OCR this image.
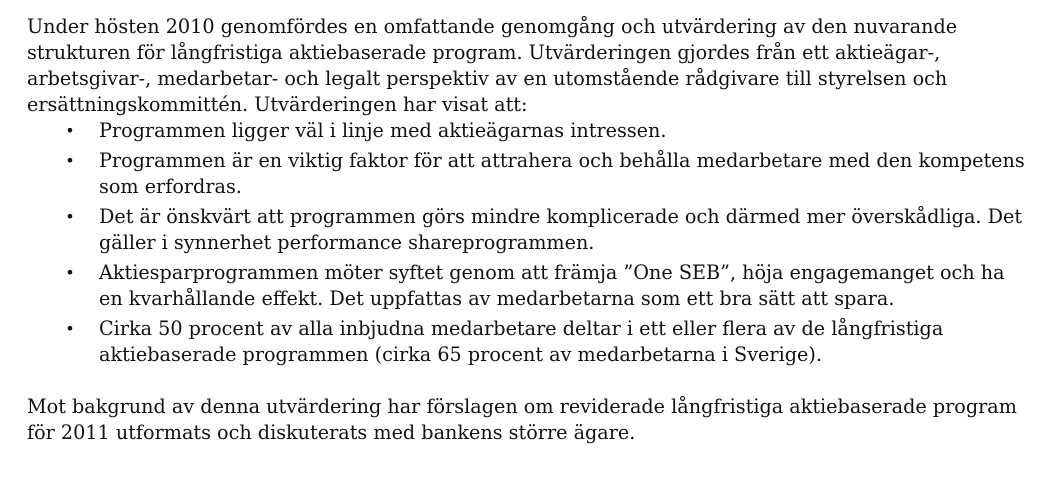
Under hösten 2010 genomfördes en omfattande genomgång och utvärdering av den nuvarande strukturen för långfristiga aktiebaserade program. Utvärderingen gjordes från ett aktieägar-, arbetsgivar-, medarbetar- och legalt perspektiv av en utomstående rådgivare till styrelsen och ersättningskommittén. Utvärderingen har visat att:

• Programmen ligger väl i linje med aktieägarnas intressen.
• Programmen är en viktig faktor för att attrahera och behålla medarbetare med den kompetens som erfordras.
• Det är önskvärt att programmen görs mindre komplicerade och därmed mer överskådliga. Det gäller i synnerhet performance shareprogrammen.
• Aktiesparprogrammen möter syftet genom att främja ”One SEB”, höja engagemanget och ha en kvarhållande effekt. Det uppfattas av medarbetarna som ett bra sätt att spara.
• Cirka 50 procent av alla inbjudna medarbetare deltar i ett eller flera av de långfristiga aktiebaserade programmen (cirka 65 procent av medarbetarna i Sverige).

Mot bakgrund av denna utvärdering har förslagen om reviderade långfristiga aktiebaserade program för 2011 utformats och diskuterats med bankens större ägare.
